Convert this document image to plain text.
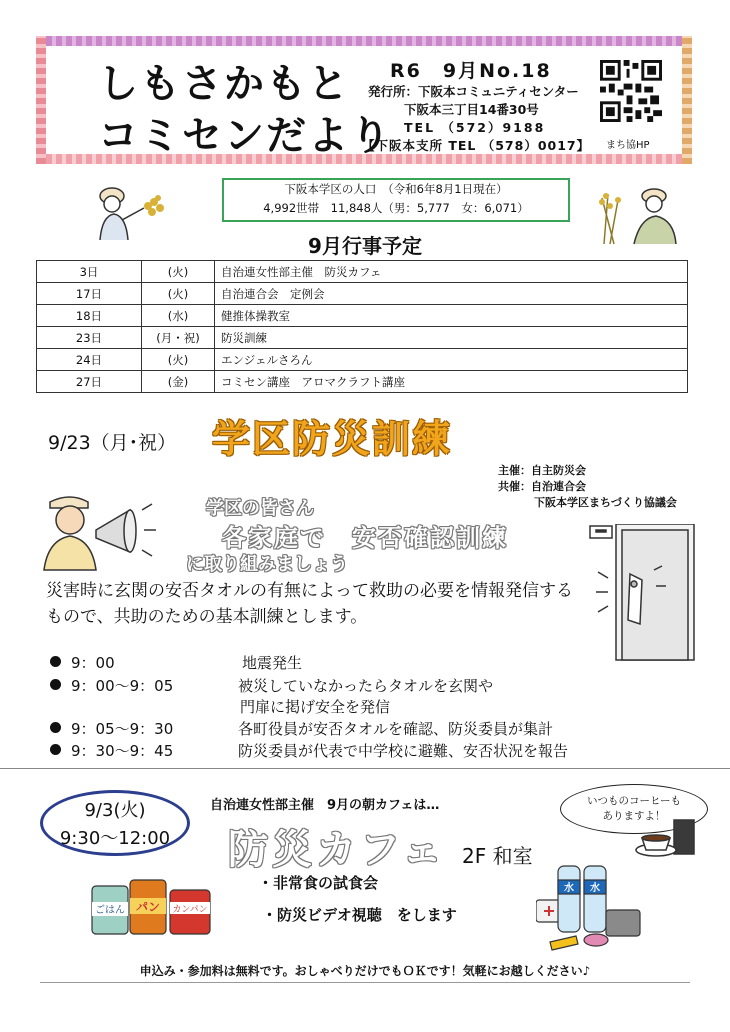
しもさかもと
コミセンだより
R6　9月No.18
発行所：下阪本コミュニティセンター
下阪本三丁目14番30号
TEL （572）9188
【下阪本支所 TEL （578）0017】 まち協HP
下阪本学区の人口　（令和6年8月1日現在）
4,992世帯　11,848人（男：5,777　女：6,071）
9月行事予定
3日	(火)	自治連女性部主催　防災カフェ
17日	(火)	自治連合会　定例会
18日	(水)	健推体操教室
23日	(月・祝)	防災訓練
24日	(火)	エンジェルさろん
27日	(金)	コミセン講座　アロマクラフト講座
9/23（月･祝） 学区防災訓練
主催：自主防災会
共催：自治連合会
下阪本学区まちづくり協議会
学区の皆さん
各家庭で　安否確認訓練
に取り組みましょう
災害時に玄関の安否タオルの有無によって救助の必要を情報発信するもので、共助のための基本訓練とします。
9：00	地震発生
9：00～9：05	被災していなかったらタオルを玄関や
門扉に掲げ安全を発信
9：05～9：30	各町役員が安否タオルを確認、防災委員が集計
9：30～9：45	防災委員が代表で中学校に避難、安否状況を報告
9/3(火)
9:30～12:00
自治連女性部主催　9月の朝カフェは…
防災カフェ 2F 和室
いつものコーヒーも
ありますよ！
・非常食の試食会
・防災ビデオ視聴　をします
ごはん パン カンパン
水 水
申込み・参加料は無料です。おしゃべりだけでもＯＫです！気軽にお越しください♪
